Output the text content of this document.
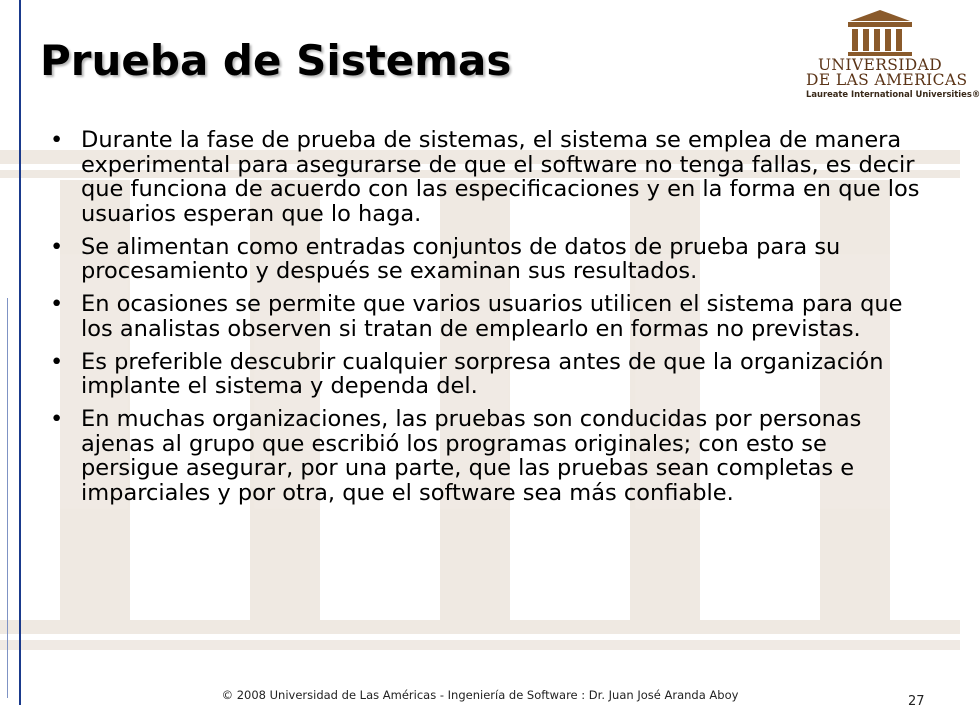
Prueba de Sistemas	UNIVERSIDAD
DE LAS AMERICAS
Laureate International Universities®
• Durante la fase de prueba de sistemas, el sistema se emplea de manera experimental para asegurarse de que el software no tenga fallas, es decir que funciona de acuerdo con las especificaciones y en la forma en que los usuarios esperan que lo haga.
• Se alimentan como entradas conjuntos de datos de prueba para su procesamiento y después se examinan sus resultados.
• En ocasiones se permite que varios usuarios utilicen el sistema para que los analistas observen si tratan de emplearlo en formas no previstas.
• Es preferible descubrir cualquier sorpresa antes de que la organización implante el sistema y dependa del.
• En muchas organizaciones, las pruebas son conducidas por personas ajenas al grupo que escribió los programas originales; con esto se persigue asegurar, por una parte, que las pruebas sean completas e imparciales y por otra, que el software sea más confiable.
© 2008 Universidad de Las Américas - Ingeniería de Software : Dr. Juan José Aranda Aboy	27
